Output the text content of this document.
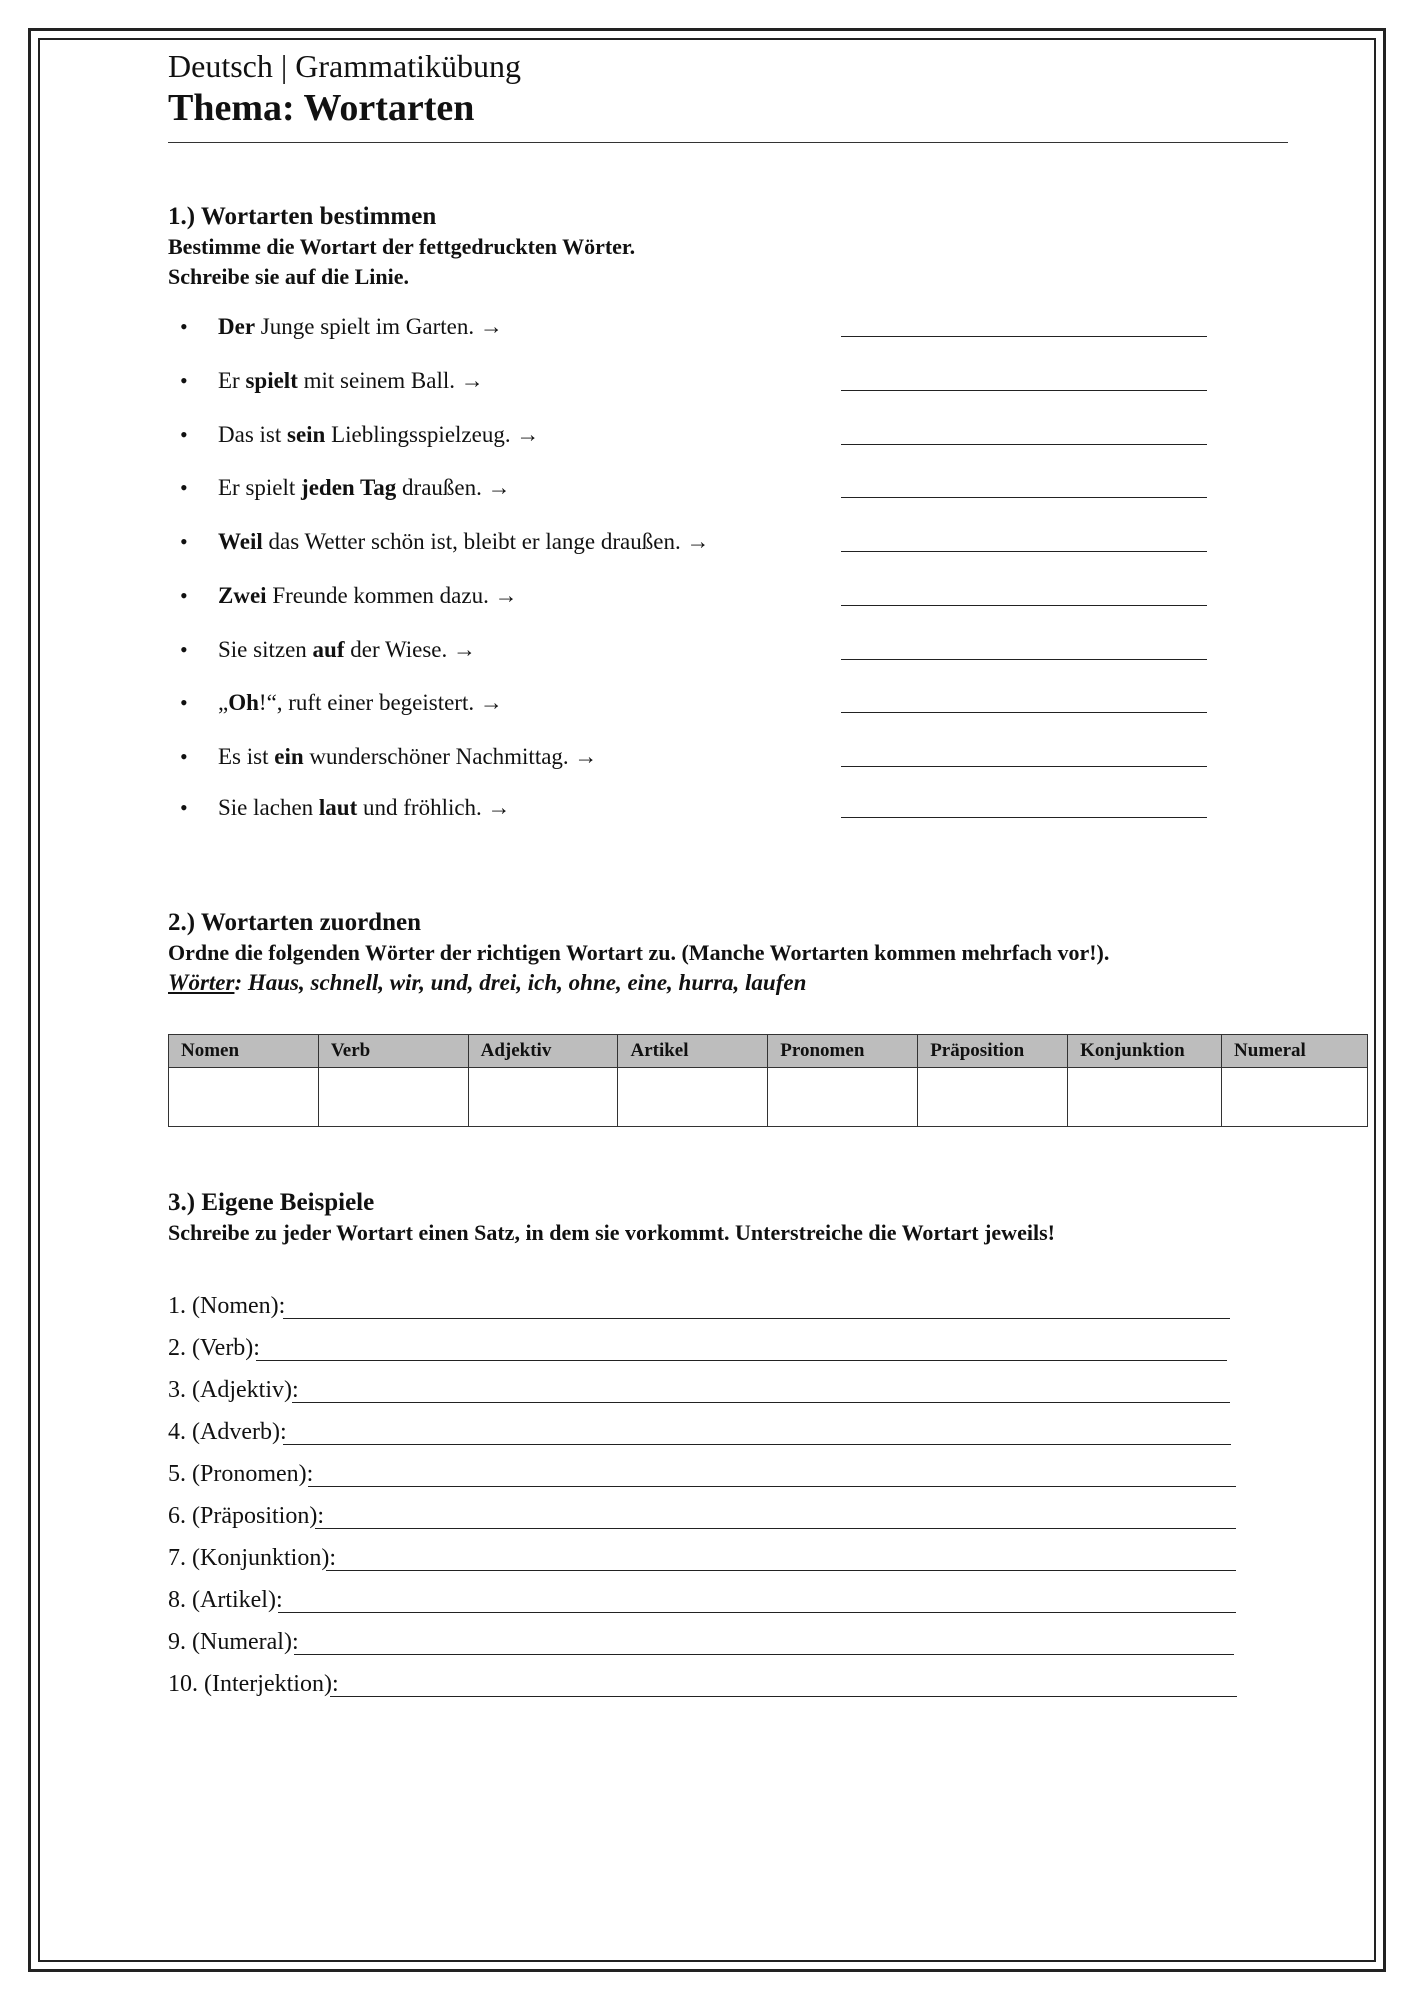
Deutsch | Grammatikübung
Thema: Wortarten
1.) Wortarten bestimmen
Bestimme die Wortart der fettgedruckten Wörter.
Schreibe sie auf die Linie.
• Der Junge spielt im Garten. →
• Er spielt mit seinem Ball. →
• Das ist sein Lieblingsspielzeug. →
• Er spielt jeden Tag draußen. →
• Weil das Wetter schön ist, bleibt er lange draußen. →
• Zwei Freunde kommen dazu. →
• Sie sitzen auf der Wiese. →
• „Oh!“, ruft einer begeistert. →
• Es ist ein wunderschöner Nachmittag. →
• Sie lachen laut und fröhlich. →
2.) Wortarten zuordnen
Ordne die folgenden Wörter der richtigen Wortart zu. (Manche Wortarten kommen mehrfach vor!).
Wörter: Haus, schnell, wir, und, drei, ich, ohne, eine, hurra, laufen
Nomen	Verb	Adjektiv	Artikel	Pronomen	Präposition	Konjunktion	Numeral

3.) Eigene Beispiele
Schreibe zu jeder Wortart einen Satz, in dem sie vorkommt. Unterstreiche die Wortart jeweils!
1. (Nomen):
2. (Verb):
3. (Adjektiv):
4. (Adverb):
5. (Pronomen):
6. (Präposition):
7. (Konjunktion):
8. (Artikel):
9. (Numeral):
10. (Interjektion):
